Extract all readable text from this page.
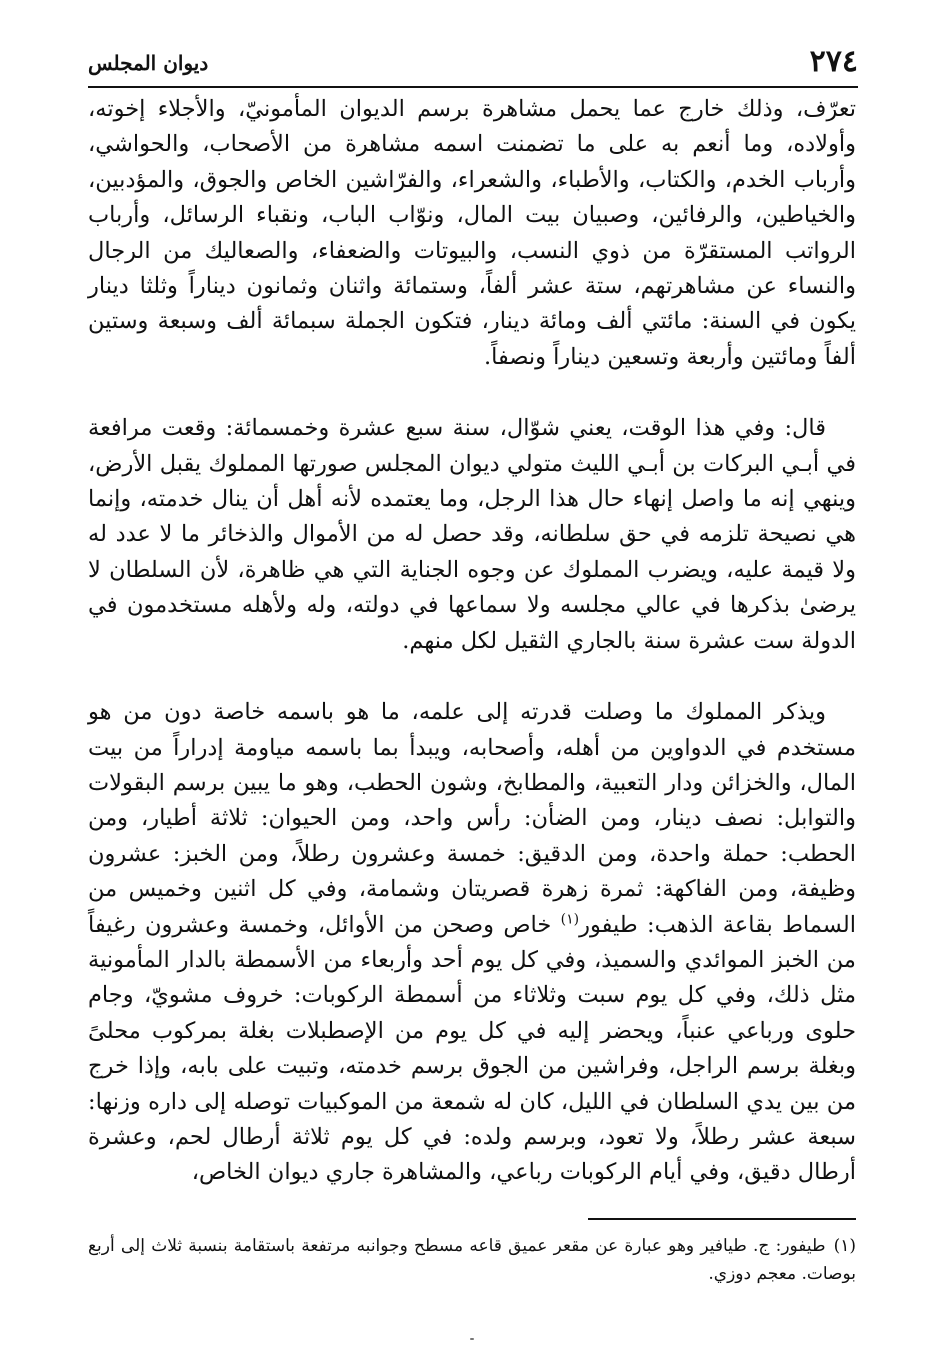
٢٧٤
ديوان المجلس

تعرّف، وذلك خارج عما يحمل مشاهرة برسم الديوان المأمونيّ، والأجلاء إخوته، وأولاده، وما أنعم به على ما تضمنت اسمه مشاهرة من الأصحاب، والحواشي، وأرباب الخدم، والكتاب، والأطباء، والشعراء، والفرّاشين الخاص والجوق، والمؤدبين، والخياطين، والرفائين، وصبيان بيت المال، ونوّاب الباب، ونقباء الرسائل، وأرباب الرواتب المستقرّة من ذوي النسب، والبيوتات والضعفاء، والصعاليك من الرجال والنساء عن مشاهرتهم، ستة عشر ألفاً، وستمائة واثنان وثمانون ديناراً وثلثا دينار يكون في السنة: مائتي ألف ومائة دينار، فتكون الجملة سبمائة ألف وسبعة وستين ألفاً ومائتين وأربعة وتسعين ديناراً ونصفاً.

قال: وفي هذا الوقت، يعني شوّال، سنة سبع عشرة وخمسمائة: وقعت مرافعة في أبـي البركات بن أبـي الليث متولي ديوان المجلس صورتها المملوك يقبل الأرض، وينهي إنه ما واصل إنهاء حال هذا الرجل، وما يعتمده لأنه أهل أن ينال خدمته، وإنما هي نصيحة تلزمه في حق سلطانه، وقد حصل له من الأموال والذخائر ما لا عدد له ولا قيمة عليه، ويضرب المملوك عن وجوه الجناية التي هي ظاهرة، لأن السلطان لا يرضىٰ بذكرها في عالي مجلسه ولا سماعها في دولته، وله ولأهله مستخدمون في الدولة ست عشرة سنة بالجاري الثقيل لكل منهم.

ويذكر المملوك ما وصلت قدرته إلى علمه، ما هو باسمه خاصة دون من هو مستخدم في الدواوين من أهله، وأصحابه، ويبدأ بما باسمه مياومة إدراراً من بيت المال، والخزائن ودار التعبية، والمطابخ، وشون الحطب، وهو ما يبين برسم البقولات والتوابل: نصف دينار، ومن الضأن: رأس واحد، ومن الحيوان: ثلاثة أطيار، ومن الحطب: حملة واحدة، ومن الدقيق: خمسة وعشرون رطلاً، ومن الخبز: عشرون وظيفة، ومن الفاكهة: ثمرة زهرة قصريتان وشمامة، وفي كل اثنين وخميس من السماط بقاعة الذهب: طيفور$^{(١)}$ خاص وصحن من الأوائل، وخمسة وعشرون رغيفاً من الخبز الموائدي والسميذ، وفي كل يوم أحد وأربعاء من الأسمطة بالدار المأمونية مثل ذلك، وفي كل يوم سبت وثلاثاء من أسمطة الركوبات: خروف مشويّ، وجام حلوى ورباعي عنباً، ويحضر إليه في كل يوم من الإصطبلات بغلة بمركوب محلىً وبغلة برسم الراجل، وفراشين من الجوق برسم خدمته، وتبيت على بابه، وإذا خرج من بين يدي السلطان في الليل، كان له شمعة من الموكبيات توصله إلى داره وزنها: سبعة عشر رطلاً، ولا تعود، وبرسم ولده: في كل يوم ثلاثة أرطال لحم، وعشرة أرطال دقيق، وفي أيام الركوبات رباعي، والمشاهرة جاري ديوان الخاص،

(١)طيفور: ج. طيافير وهو عبارة عن مقعر عميق قاعه مسطح وجوانبه مرتفعة باستقامة بنسبة ثلاث إلى أربع بوصات. معجم دوزي.
